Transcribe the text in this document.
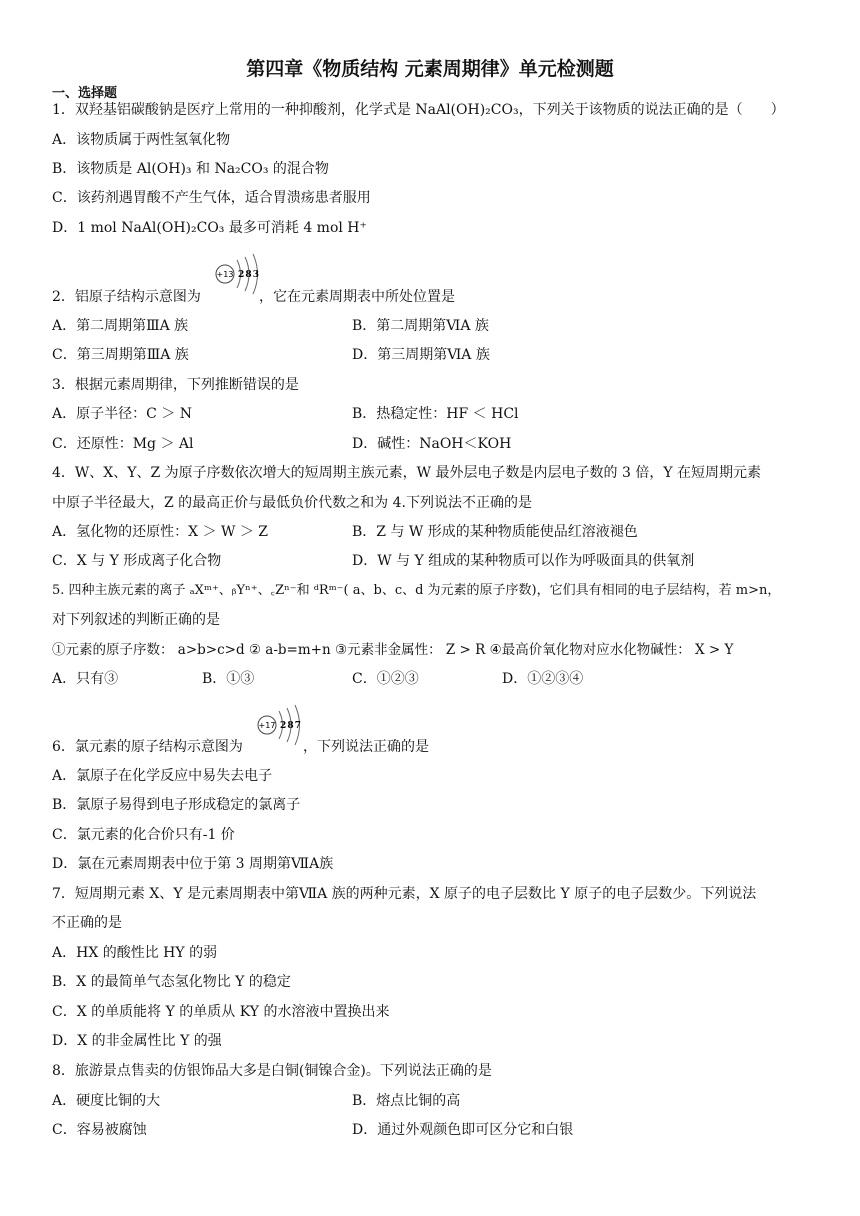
第四章《物质结构 元素周期律》单元检测题
一、选择题
1．双羟基铝碳酸钠是医疗上常用的一种抑酸剂，化学式是 NaAl(OH)₂CO₃，下列关于该物质的说法正确的是（　　）
A．该物质属于两性氢氧化物
B．该物质是 Al(OH)₃ 和 Na₂CO₃ 的混合物
C．该药剂遇胃酸不产生气体，适合胃溃疡患者服用
D．1 mol NaAl(OH)₂CO₃ 最多可消耗 4 mol H⁺
2．铝原子结构示意图为
+13 2 8 3
，它在元素周期表中所处位置是
A．第二周期第ⅢA 族	B．第二周期第ⅥA 族
C．第三周期第ⅢA 族	D．第三周期第ⅥA 族
3．根据元素周期律，下列推断错误的是
A．原子半径：C ＞ N	B．热稳定性：HF ＜ HCl
C．还原性：Mg ＞ Al	D．碱性：NaOH＜KOH
4．W、X、Y、Z 为原子序数依次增大的短周期主族元素，W 最外层电子数是内层电子数的 3 倍，Y 在短周期元素
中原子半径最大，Z 的最高正价与最低负价代数之和为 4.下列说法不正确的是
A．氢化物的还原性：X ＞ W ＞ Z	B．Z 与 W 形成的某种物质能使品红溶液褪色
C．X 与 Y 形成离子化合物	D．W 与 Y 组成的某种物质可以作为呼吸面具的供氧剂
5. 四种主族元素的离子 ₐXᵐ⁺、ᵦYⁿ⁺、꜀Zⁿ⁻和 ᵈRᵐ⁻( a、b、c、d 为元素的原子序数)，它们具有相同的电子层结构，若 m>n，
对下列叙述的判断正确的是
①元素的原子序数： a>b>c>d ② a-b=m+n ③元素非金属性： Z > R ④最高价氧化物对应水化物碱性： X > Y
A．只有③	B．①③	C．①②③	D．①②③④
6．氯元素的原子结构示意图为
+17 2 8 7
，下列说法正确的是
A．氯原子在化学反应中易失去电子
B．氯原子易得到电子形成稳定的氯离子
C．氯元素的化合价只有-1 价
D．氯在元素周期表中位于第 3 周期第ⅦA族
7．短周期元素 X、Y 是元素周期表中第ⅦA 族的两种元素，X 原子的电子层数比 Y 原子的电子层数少。下列说法
不正确的是
A．HX 的酸性比 HY 的弱
B．X 的最简单气态氢化物比 Y 的稳定
C．X 的单质能将 Y 的单质从 KY 的水溶液中置换出来
D．X 的非金属性比 Y 的强
8．旅游景点售卖的仿银饰品大多是白铜(铜镍合金)。下列说法正确的是
A．硬度比铜的大	B．熔点比铜的高
C．容易被腐蚀	D．通过外观颜色即可区分它和白银
